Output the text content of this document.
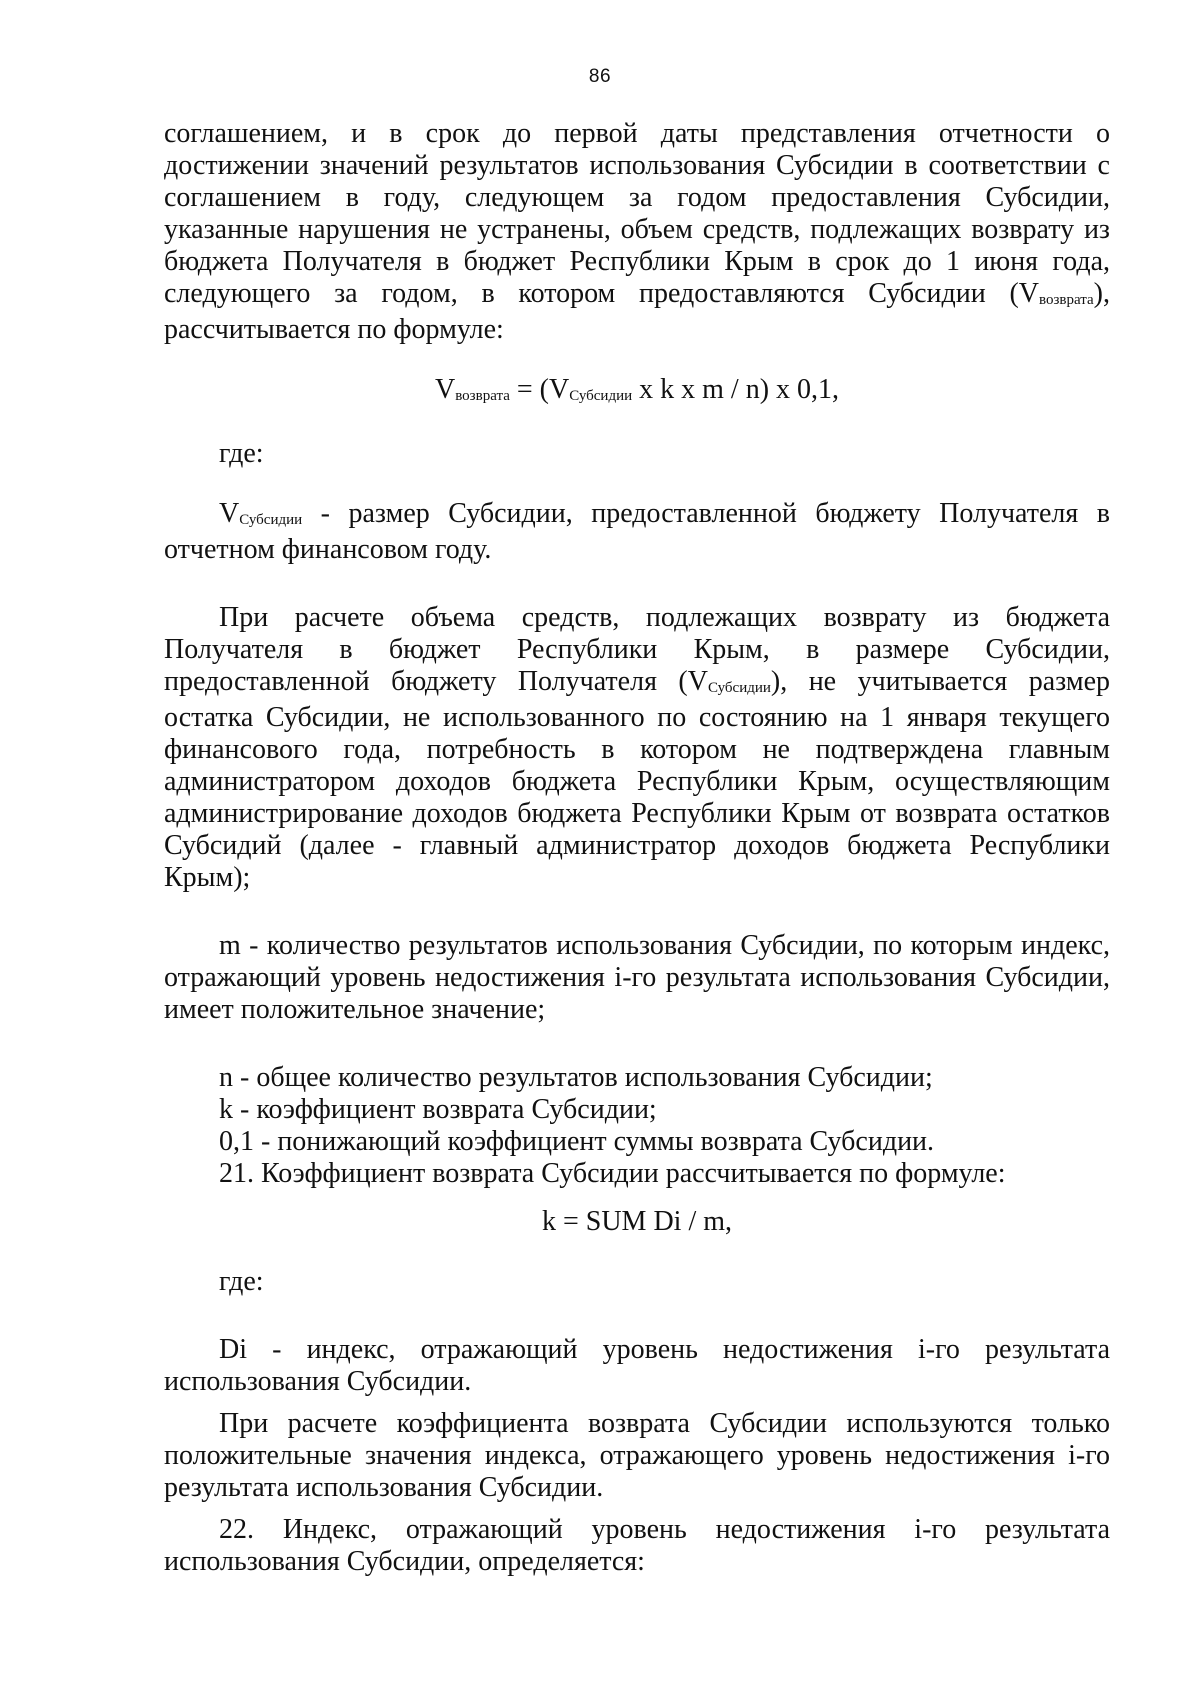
86

соглашением, и в срок до первой даты представления отчетности о достижении значений результатов использования Субсидии в соответствии с соглашением в году, следующем за годом предоставления Субсидии, указанные нарушения не устранены, объем средств, подлежащих возврату из бюджета Получателя в бюджет Республики Крым в срок до 1 июня года, следующего за годом, в котором предоставляются Субсидии (Vвозврата), рассчитывается по формуле:

Vвозврата = (VСубсидии x k x m / n) x 0,1,

где:

VСубсидии - размер Субсидии, предоставленной бюджету Получателя в отчетном финансовом году.

При расчете объема средств, подлежащих возврату из бюджета Получателя в бюджет Республики Крым, в размере Субсидии, предоставленной бюджету Получателя (VСубсидии), не учитывается размер остатка Субсидии, не использованного по состоянию на 1 января текущего финансового года, потребность в котором не подтверждена главным администратором доходов бюджета Республики Крым, осуществляющим администрирование доходов бюджета Республики Крым от возврата остатков Субсидий (далее - главный администратор доходов бюджета Республики Крым);

m - количество результатов использования Субсидии, по которым индекс, отражающий уровень недостижения i-го результата использования Субсидии, имеет положительное значение;

n - общее количество результатов использования Субсидии;

k - коэффициент возврата Субсидии;

0,1 - понижающий коэффициент суммы возврата Субсидии.

21. Коэффициент возврата Субсидии рассчитывается по формуле:

k = SUM Di / m,

где:

Di - индекс, отражающий уровень недостижения i-го результата использования Субсидии.

При расчете коэффициента возврата Субсидии используются только положительные значения индекса, отражающего уровень недостижения i-го результата использования Субсидии.

22. Индекс, отражающий уровень недостижения i-го результата использования Субсидии, определяется:
